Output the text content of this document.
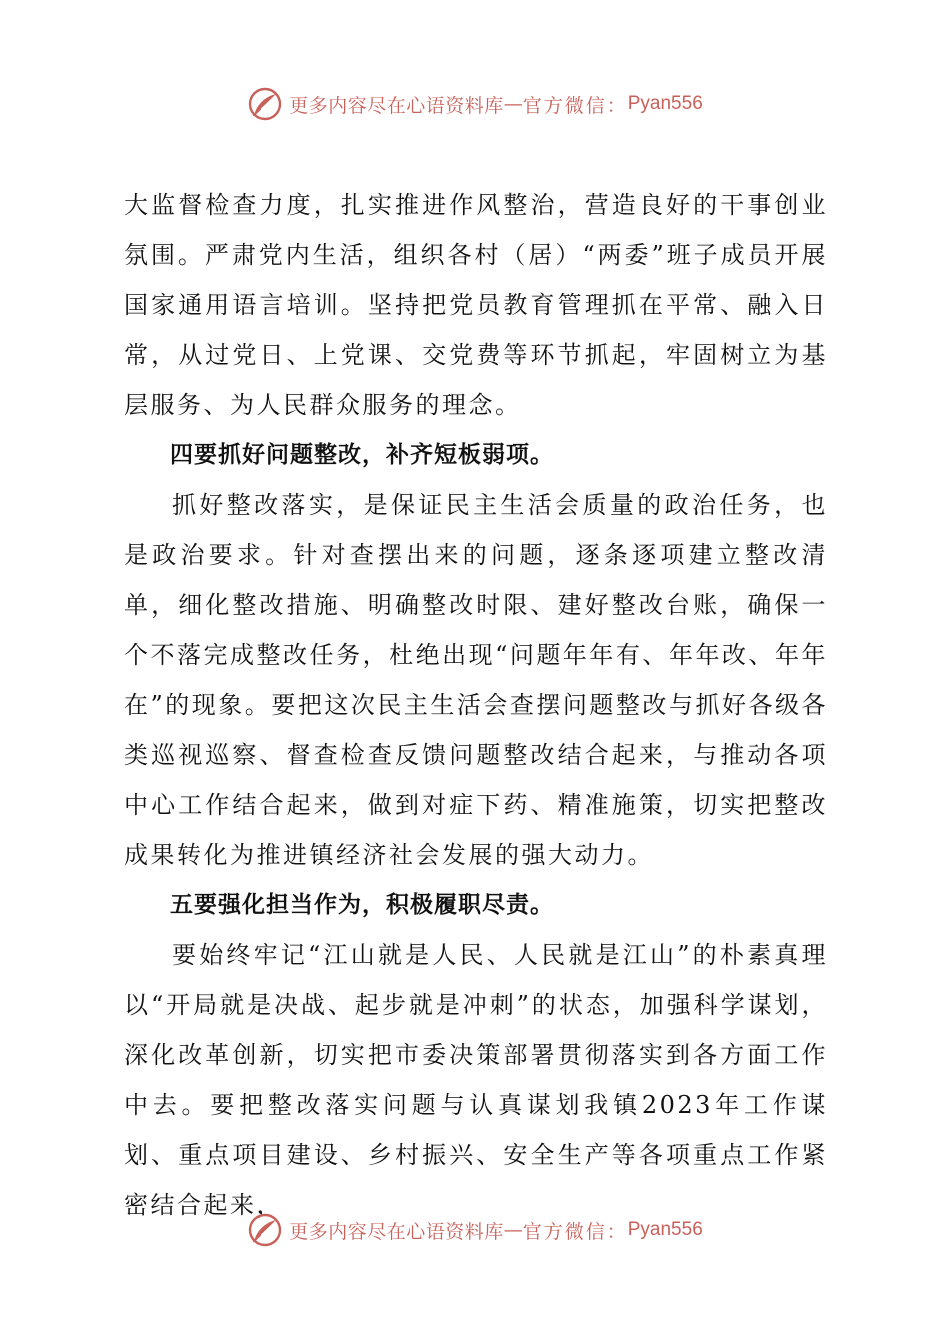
更多内容尽在心语资料库 — 官方微信： Pyan556

大监督检查力度，扎实推进作风整治，营造良好的干事创业氛围。严肃党内生活，组织各村（居）“两委”班子成员开展国家通用语言培训。坚持把党员教育管理抓在平常、融入日常，从过党日、上党课、交党费等环节抓起，牢固树立为基层服务、为人民群众服务的理念。

四要抓好问题整改，补齐短板弱项。

抓好整改落实，是保证民主生活会质量的政治任务，也是政治要求。针对查摆出来的问题，逐条逐项建立整改清单，细化整改措施、明确整改时限、建好整改台账，确保一个不落完成整改任务，杜绝出现“问题年年有、年年改、年年在”的现象。要把这次民主生活会查摆问题整改与抓好各级各类巡视巡察、督查检查反馈问题整改结合起来，与推动各项中心工作结合起来，做到对症下药、精准施策，切实把整改成果转化为推进镇经济社会发展的强大动力。

五要强化担当作为，积极履职尽责。

要始终牢记“江山就是人民、人民就是江山”的朴素真理以“开局就是决战、起步就是冲刺”的状态，加强科学谋划，深化改革创新，切实把市委决策部署贯彻落实到各方面工作中去。要把整改落实问题与认真谋划我镇2023年工作谋划、重点项目建设、乡村振兴、安全生产等各项重点工作紧密结合起来，

更多内容尽在心语资料库 — 官方微信： Pyan556
